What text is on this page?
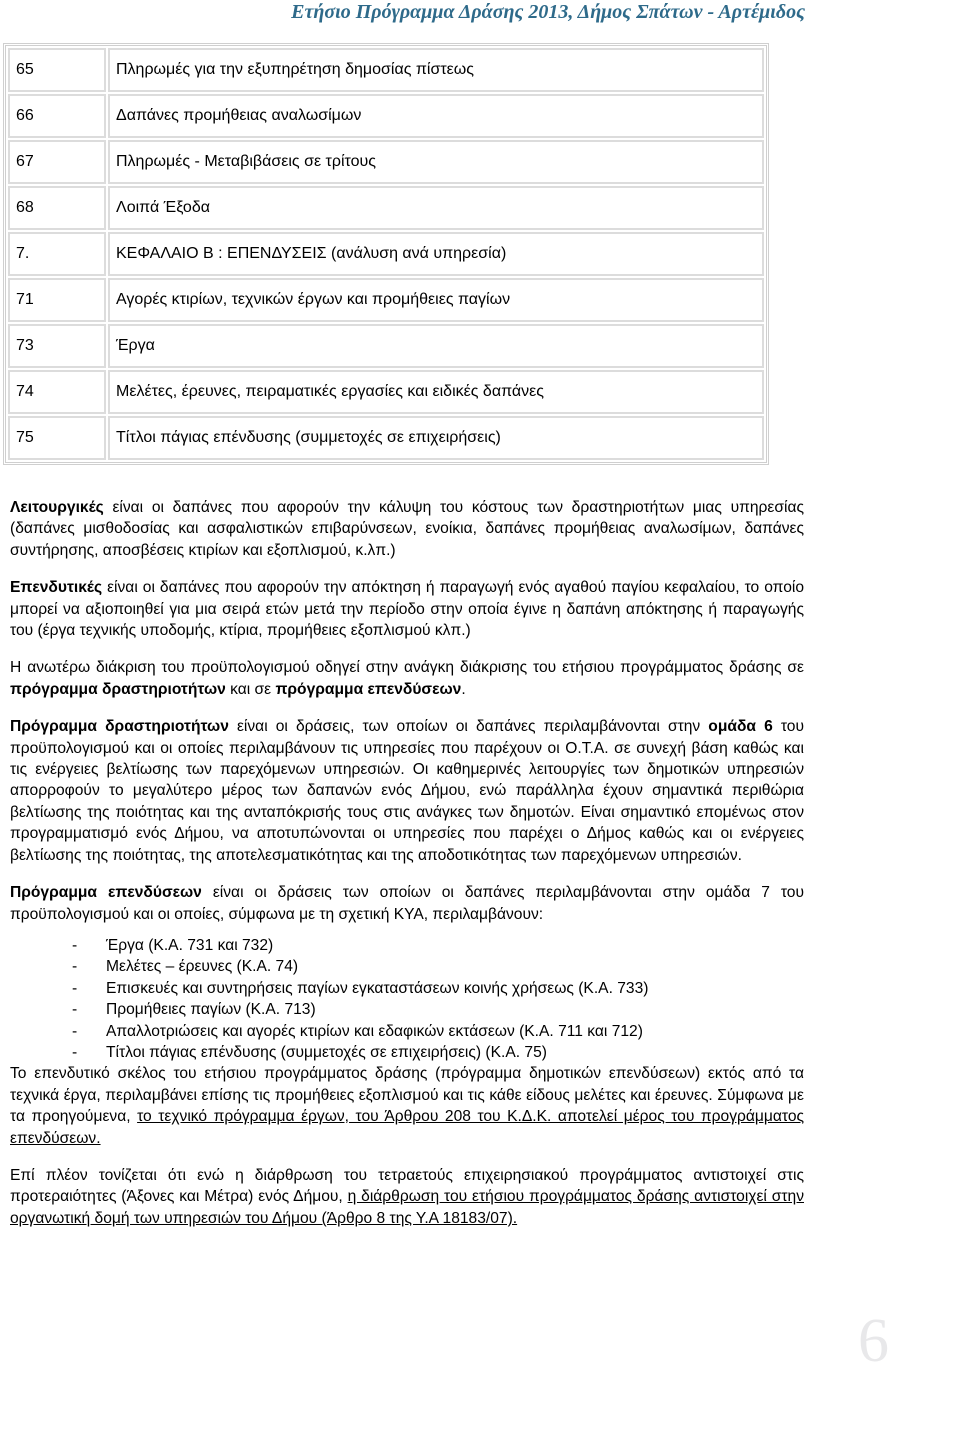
Ετήσιο Πρόγραμμα Δράσης 2013, Δήμος Σπάτων - Αρτέμιδος
65	Πληρωμές για την εξυπηρέτηση δημοσίας πίστεως
66	Δαπάνες προμήθειας αναλωσίμων
67	Πληρωμές - Μεταβιβάσεις σε τρίτους
68	Λοιπά Έξοδα
7.	ΚΕΦΑΛΑΙΟ Β : ΕΠΕΝΔΥΣΕΙΣ (ανάλυση ανά υπηρεσία)
71	Αγορές κτιρίων, τεχνικών έργων και προμήθειες παγίων
73	Έργα
74	Μελέτες, έρευνες, πειραματικές εργασίες και ειδικές δαπάνες
75	Τίτλοι πάγιας επένδυσης (συμμετοχές σε επιχειρήσεις)

Λειτουργικές είναι οι δαπάνες που αφορούν την κάλυψη του κόστους των δραστηριοτήτων μιας υπηρεσίας (δαπάνες μισθοδοσίας και ασφαλιστικών επιβαρύνσεων, ενοίκια, δαπάνες προμήθειας αναλωσίμων, δαπάνες συντήρησης, αποσβέσεις κτιρίων και εξοπλισμού, κ.λπ.)

Επενδυτικές είναι οι δαπάνες που αφορούν την απόκτηση ή παραγωγή ενός αγαθού παγίου κεφαλαίου, το οποίο μπορεί να αξιοποιηθεί για μια σειρά ετών μετά την περίοδο στην οποία έγινε η δαπάνη απόκτησης ή παραγωγής του (έργα τεχνικής υποδομής, κτίρια, προμήθειες εξοπλισμού κλπ.)

Η ανωτέρω διάκριση του προϋπολογισμού οδηγεί στην ανάγκη διάκρισης του ετήσιου προγράμματος δράσης σε πρόγραμμα δραστηριοτήτων και σε πρόγραμμα επενδύσεων.

Πρόγραμμα δραστηριοτήτων είναι οι δράσεις, των οποίων οι δαπάνες περιλαμβάνονται στην ομάδα 6 του προϋπολογισμού και οι οποίες περιλαμβάνουν τις υπηρεσίες που παρέχουν οι Ο.Τ.Α. σε συνεχή βάση καθώς και τις ενέργειες βελτίωσης των παρεχόμενων υπηρεσιών. Οι καθημερινές λειτουργίες των δημοτικών υπηρεσιών απορροφούν το μεγαλύτερο μέρος των δαπανών ενός Δήμου, ενώ παράλληλα έχουν σημαντικά περιθώρια βελτίωσης της ποιότητας και της ανταπόκρισής τους στις ανάγκες των δημοτών. Είναι σημαντικό επομένως στον προγραμματισμό ενός Δήμου, να αποτυπώνονται οι υπηρεσίες που παρέχει ο Δήμος καθώς και οι ενέργειες βελτίωσης της ποιότητας, της αποτελεσματικότητας και της αποδοτικότητας των παρεχόμενων υπηρεσιών.

Πρόγραμμα επενδύσεων είναι οι δράσεις των οποίων οι δαπάνες περιλαμβάνονται στην ομάδα 7 του προϋπολογισμού και οι οποίες, σύμφωνα με τη σχετική ΚΥΑ, περιλαμβάνουν:

- Έργα (Κ.Α. 731 και 732)
- Μελέτες – έρευνες (Κ.Α. 74)
- Επισκευές και συντηρήσεις παγίων εγκαταστάσεων κοινής χρήσεως (Κ.Α. 733)
- Προμήθειες παγίων (Κ.Α. 713)
- Απαλλοτριώσεις και αγορές κτιρίων και εδαφικών εκτάσεων (Κ.Α. 711 και 712)
- Τίτλοι πάγιας επένδυσης (συμμετοχές σε επιχειρήσεις) (Κ.Α. 75)

Το επενδυτικό σκέλος του ετήσιου προγράμματος δράσης (πρόγραμμα δημοτικών επενδύσεων) εκτός από τα τεχνικά έργα, περιλαμβάνει επίσης τις προμήθειες εξοπλισμού και τις κάθε είδους μελέτες και έρευνες. Σύμφωνα με τα προηγούμενα, το τεχνικό πρόγραμμα έργων, του Άρθρου 208 του Κ.Δ.Κ. αποτελεί μέρος του προγράμματος επενδύσεων.

Επί πλέον τονίζεται ότι ενώ η διάρθρωση του τετραετούς επιχειρησιακού προγράμματος αντιστοιχεί στις προτεραιότητες (Άξονες και Μέτρα) ενός Δήμου, η διάρθρωση του ετήσιου προγράμματος δράσης αντιστοιχεί στην οργανωτική δομή των υπηρεσιών του Δήμου (Άρθρο 8 της Υ.Α 18183/07).

6
